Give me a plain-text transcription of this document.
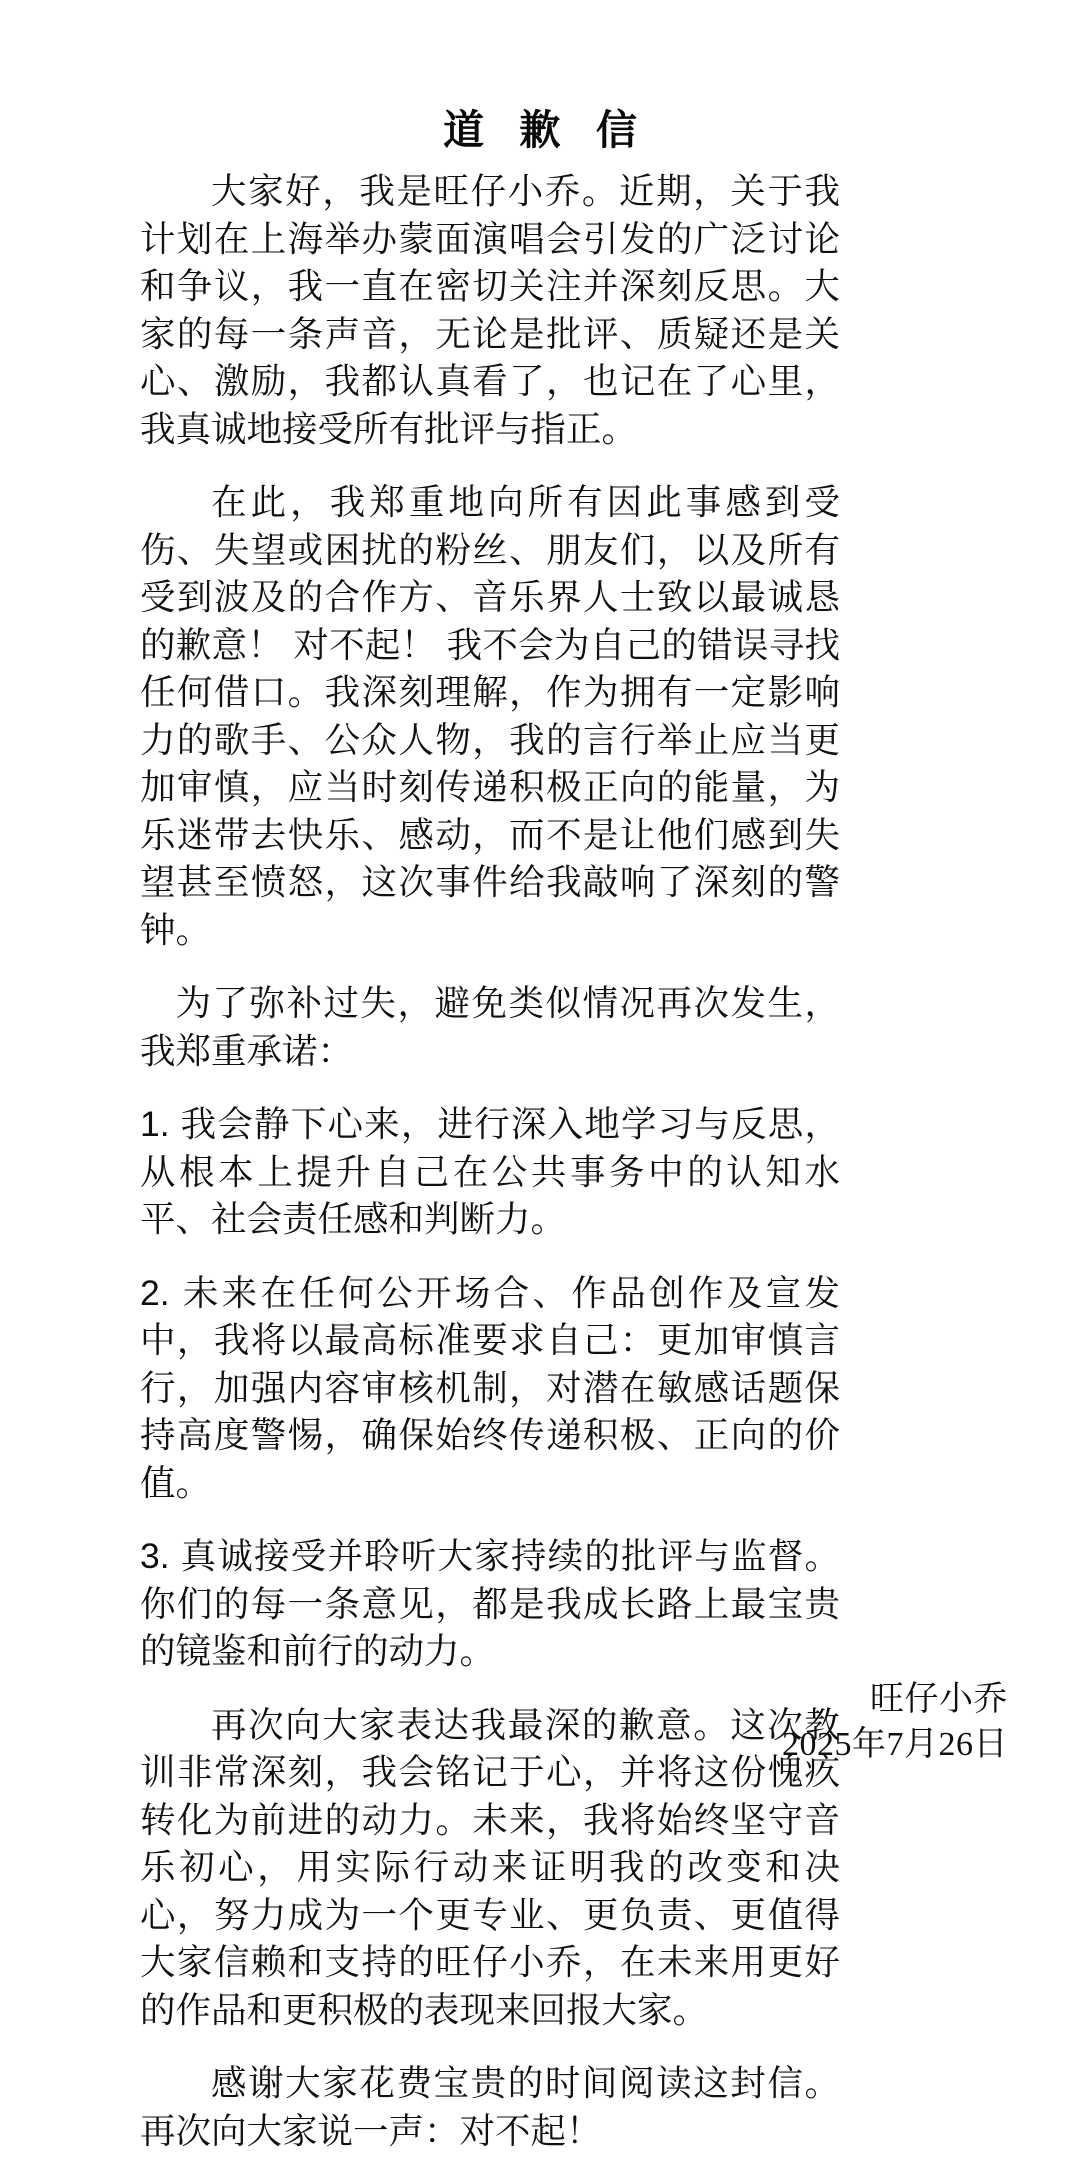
道 歉 信

大家好，我是旺仔小乔。近期，关于我计划在上海举办蒙面演唱会引发的广泛讨论和争议，我一直在密切关注并深刻反思。大家的每一条声音，无论是批评、质疑还是关心、激励，我都认真看了，也记在了心里，我真诚地接受所有批评与指正。

在此，我郑重地向所有因此事感到受伤、失望或困扰的粉丝、朋友们，以及所有受到波及的合作方、音乐界人士致以最诚恳的歉意！ 对不起！ 我不会为自己的错误寻找任何借口。我深刻理解，作为拥有一定影响力的歌手、公众人物，我的言行举止应当更加审慎，应当时刻传递积极正向的能量，为乐迷带去快乐、感动，而不是让他们感到失望甚至愤怒，这次事件给我敲响了深刻的警钟。

为了弥补过失，避免类似情况再次发生，我郑重承诺：

1. 我会静下心来，进行深入地学习与反思，从根本上提升自己在公共事务中的认知水平、社会责任感和判断力。

2. 未来在任何公开场合、作品创作及宣发中，我将以最高标准要求自己：更加审慎言行，加强内容审核机制，对潜在敏感话题保持高度警惕，确保始终传递积极、正向的价值。

3. 真诚接受并聆听大家持续的批评与监督。你们的每一条意见，都是我成长路上最宝贵的镜鉴和前行的动力。

再次向大家表达我最深的歉意。这次教训非常深刻，我会铭记于心，并将这份愧疚转化为前进的动力。未来，我将始终坚守音乐初心，用实际行动来证明我的改变和决心，努力成为一个更专业、更负责、更值得大家信赖和支持的旺仔小乔，在未来用更好的作品和更积极的表现来回报大家。

感谢大家花费宝贵的时间阅读这封信。再次向大家说一声：对不起！

旺仔小乔

2025年7月26日
